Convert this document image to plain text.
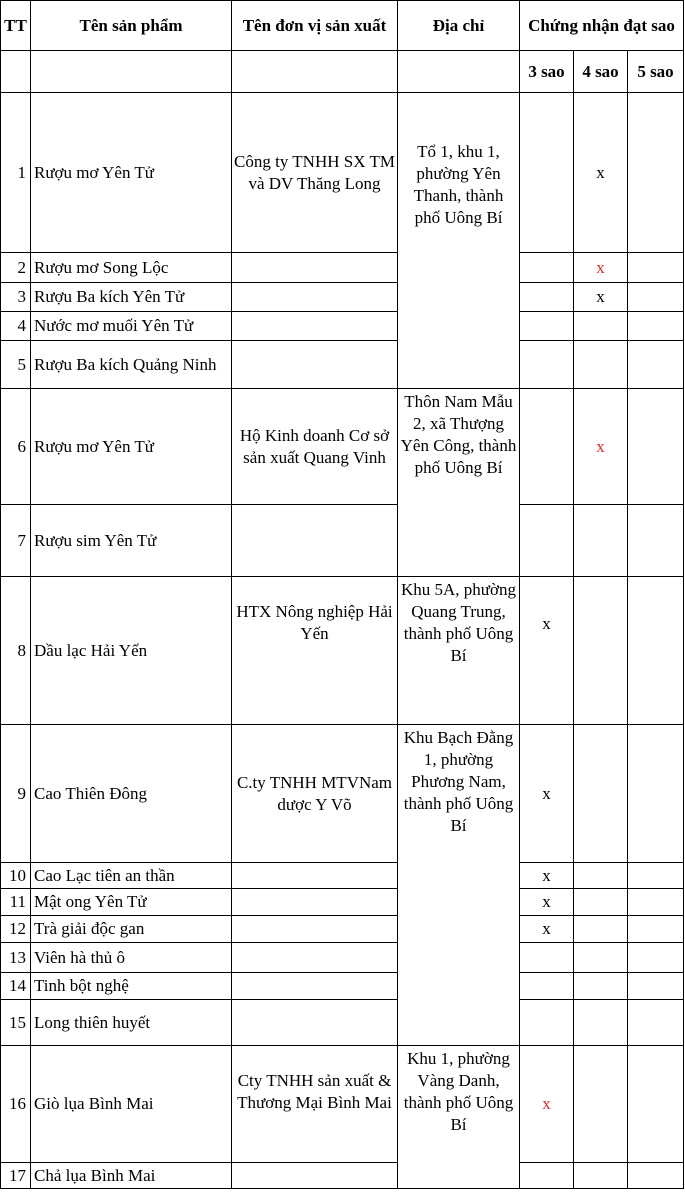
TT	Tên sản phẩm	Tên đơn vị sản xuất	Địa chỉ	Chứng nhận đạt sao		
				3 sao	4 sao	5 sao
1	Rượu mơ Yên Tử	Công ty TNHH SX TM và DV Thăng Long	Tổ 1, khu 1, phường Yên Thanh, thành phố Uông Bí		x	
2	Rượu mơ Song Lộc				x	
3	Rượu Ba kích Yên Tử				x	
4	Nước mơ muối Yên Tử					
5	Rượu Ba kích Quảng Ninh					
6	Rượu mơ Yên Tử	Hộ Kinh doanh Cơ sở sản xuất Quang Vinh	Thôn Nam Mẫu 2, xã Thượng Yên Công, thành phố Uông Bí		x	
7	Rượu sim Yên Tử					
8	Dầu lạc Hải Yến	HTX Nông nghiệp Hải Yến	Khu 5A, phường Quang Trung, thành phố Uông Bí	x		
9	Cao Thiên Đông	C.ty TNHH MTVNam dược Y Võ	Khu Bạch Đằng 1, phường Phương Nam, thành phố Uông Bí	x		
10	Cao Lạc tiên an thần			x		
11	Mật ong Yên Tử			x		
12	Trà giải độc gan			x		
13	Viên hà thủ ô					
14	Tinh bột nghệ					
15	Long thiên huyết					
16	Giò lụa Bình Mai	Cty TNHH sản xuất & Thương Mại Bình Mai	Khu 1, phường Vàng Danh, thành phố Uông Bí	x		
17	Chả lụa Bình Mai					
